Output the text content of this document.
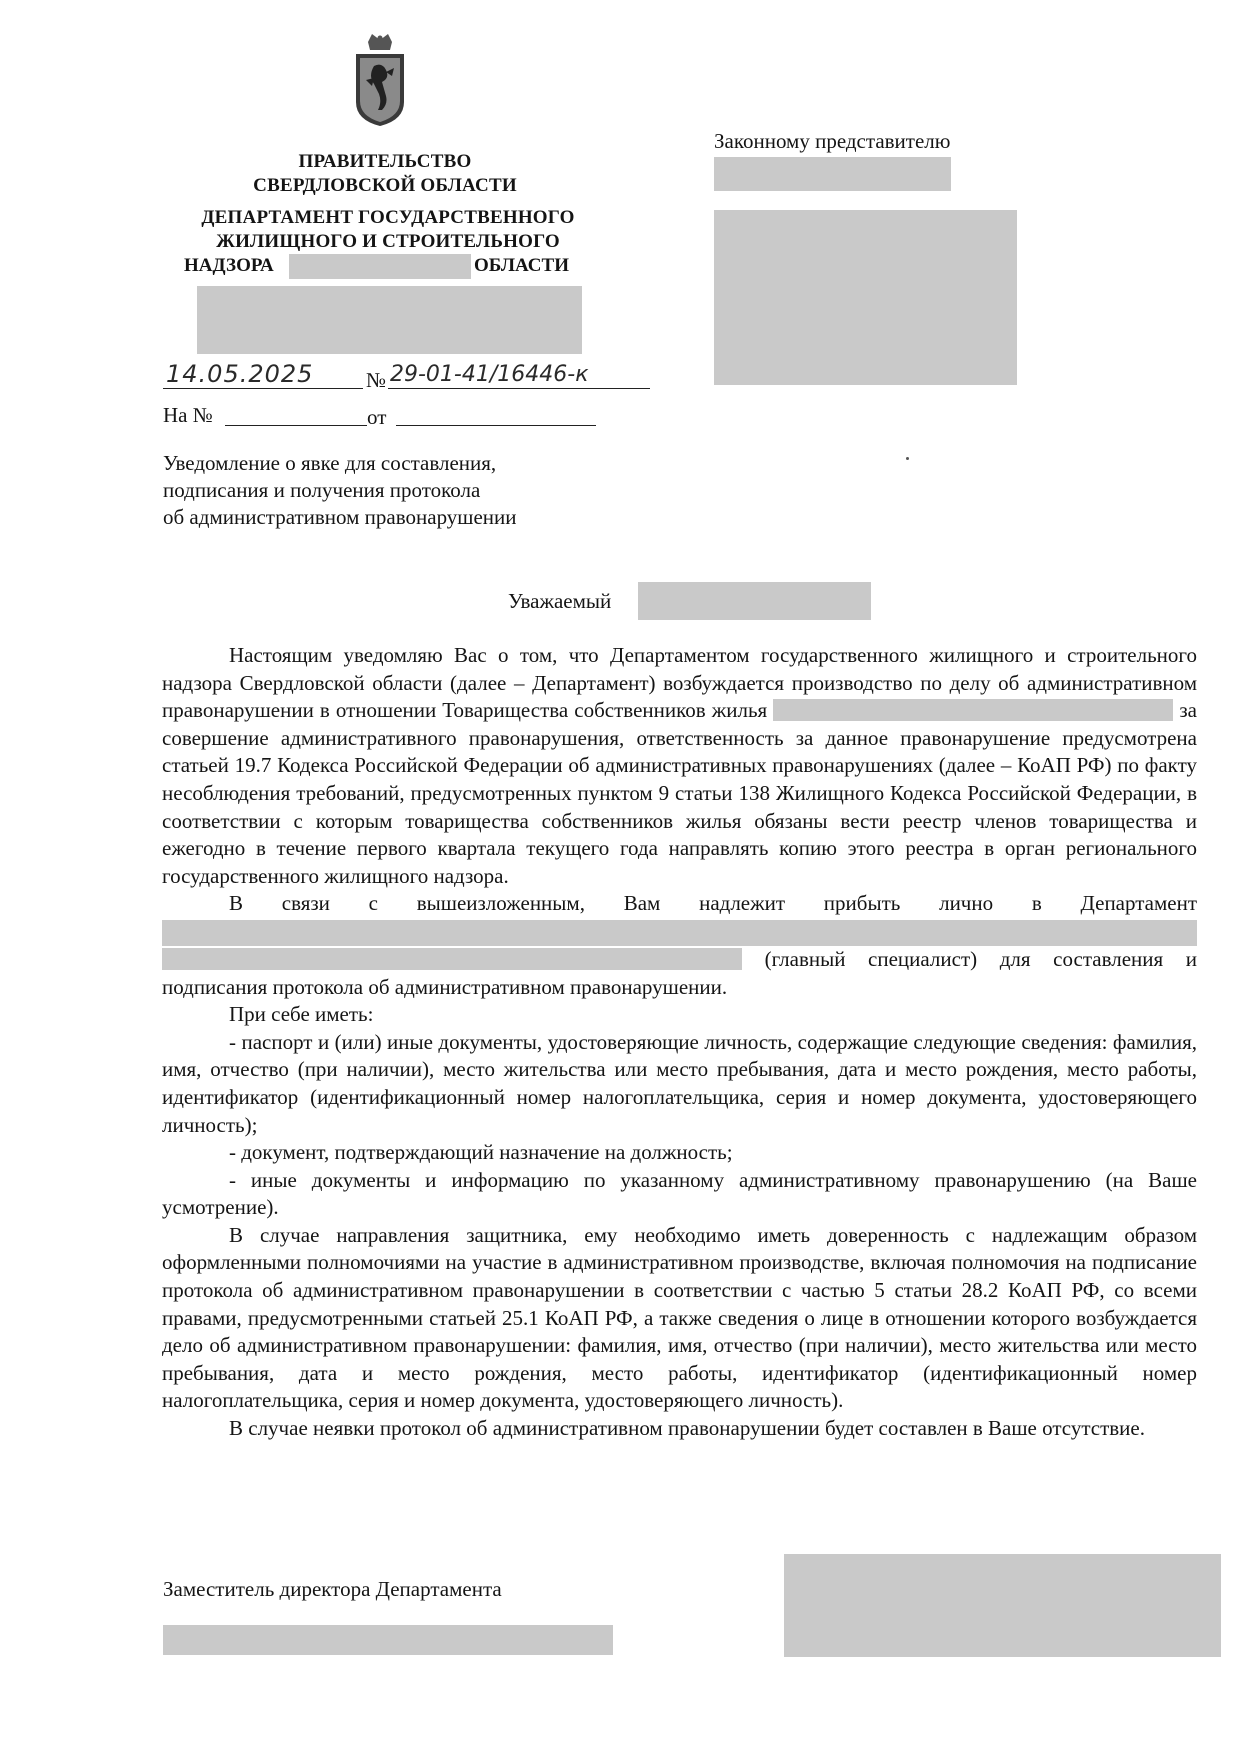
ПРАВИТЕЛЬСТВО
СВЕРДЛОВСКОЙ ОБЛАСТИ
ДЕПАРТАМЕНТ ГОСУДАРСТВЕННОГО
ЖИЛИЩНОГО И СТРОИТЕЛЬНОГО
НАДЗОРА	ОБЛАСТИ
14.05.2025	№ 29-01-41/16446-к
На №	от
Законному представителю
Уведомление о явке для составления,
подписания и получения протокола
об административном правонарушении
Уважаемый

Настоящим уведомляю Вас о том, что Департаментом государственного жилищного и строительного надзора Свердловской области (далее – Департамент) возбуждается производство по делу об административном правонарушении в отношении Товарищества собственников жилья	за совершение административного правонарушения, ответственность за данное правонарушение предусмотрена статьей 19.7 Кодекса Российской Федерации об административных правонарушениях (далее – КоАП РФ) по факту несоблюдения требований, предусмотренных пунктом 9 статьи 138 Жилищного Кодекса Российской Федерации, в соответствии с которым товарищества собственников жилья обязаны вести реестр членов товарищества и ежегодно в течение первого квартала текущего года направлять копию этого реестра в орган регионального государственного жилищного надзора.

В связи с вышеизложенным, Вам надлежит прибыть лично в Департамент

(главный специалист) для составления и подписания протокола об административном правонарушении.

При себе иметь:

- паспорт и (или) иные документы, удостоверяющие личность, содержащие следующие сведения: фамилия, имя, отчество (при наличии), место жительства или место пребывания, дата и место рождения, место работы, идентификатор (идентификационный номер налогоплательщика, серия и номер документа, удостоверяющего личность);

- документ, подтверждающий назначение на должность;

- иные документы и информацию по указанному административному правонарушению (на Ваше усмотрение).

В случае направления защитника, ему необходимо иметь доверенность с надлежащим образом оформленными полномочиями на участие в административном производстве, включая полномочия на подписание протокола об административном правонарушении в соответствии с частью 5 статьи 28.2 КоАП РФ, со всеми правами, предусмотренными статьей 25.1 КоАП РФ, а также сведения о лице в отношении которого возбуждается дело об административном правонарушении: фамилия, имя, отчество (при наличии), место жительства или место пребывания, дата и место рождения, место работы, идентификатор (идентификационный номер налогоплательщика, серия и номер документа, удостоверяющего личность).

В случае неявки протокол об административном правонарушении будет составлен в Ваше отсутствие.

Заместитель директора Департамента
